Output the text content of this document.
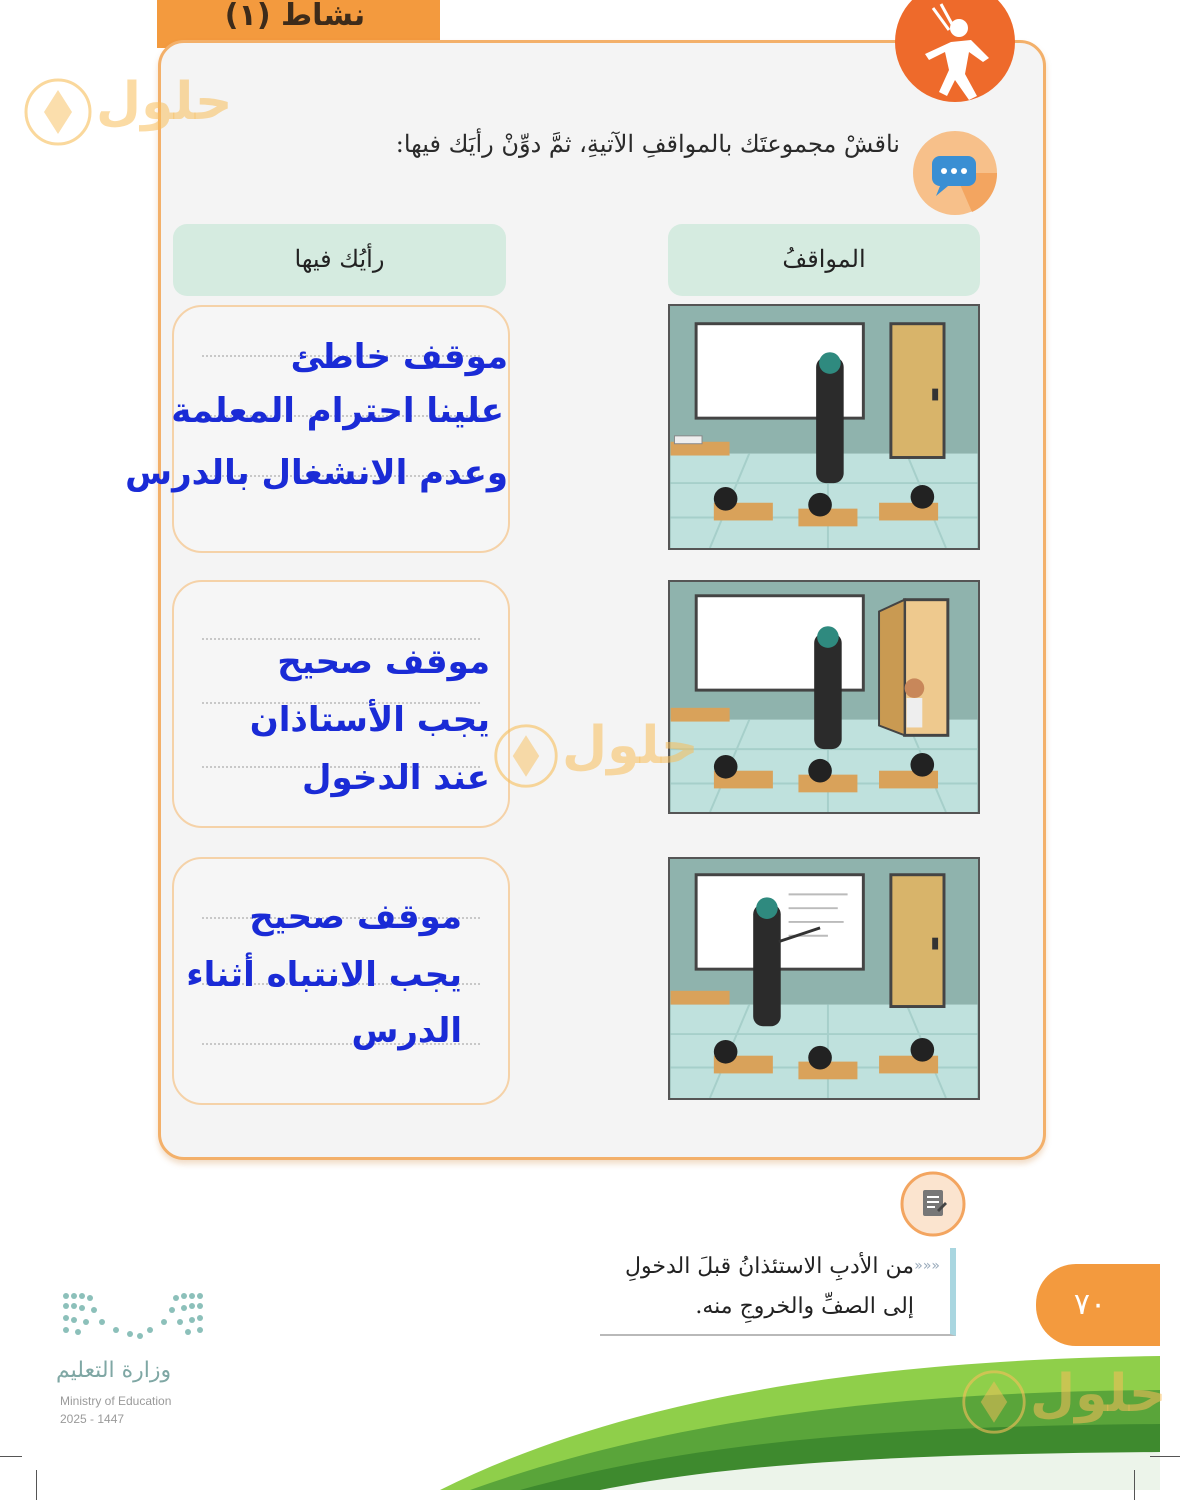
نشاط (١)
ناقشْ مجموعتَك بالمواقفِ الآتيةِ، ثمَّ دوِّنْ رأيَك فيها:
المواقفُ
رأيُك فيها
موقف خاطئ
علينا احترام المعلمة
وعدم الانشغال بالدرس
موقف صحيح
يجب الأستاذان
عند الدخول
موقف صحيح
يجب الانتباه أثناء
الدرس
من الأدبِ الاستئذانُ قبلَ الدخولِ
إلى الصفِّ والخروجِ منه.
«««
٧٠
وزارة التعليم
Ministry of Education
2025 - 1447
حلول
حلول
حلول
